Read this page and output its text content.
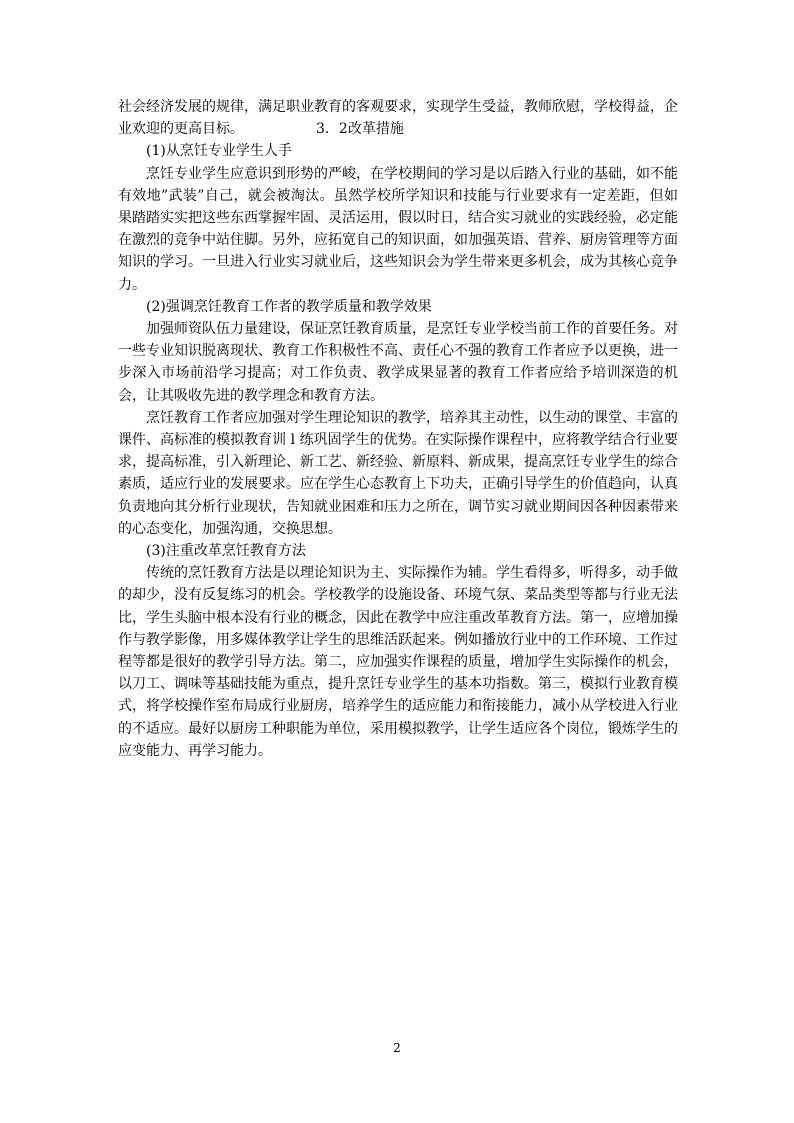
社会经济发展的规律，满足职业教育的客观要求，实现学生受益，教师欣慰，学校得益，企业欢迎的更高目标。	3．2改革措施

(1)从烹饪专业学生人手

烹饪专业学生应意识到形势的严峻，在学校期间的学习是以后踏入行业的基础，如不能有效地”武装”自己，就会被淘汰。虽然学校所学知识和技能与行业要求有一定差距，但如果踏踏实实把这些东西掌握牢固、灵活运用，假以时日，结合实习就业的实践经验，必定能在激烈的竞争中站住脚。另外，应拓宽自己的知识面，如加强英语、营养、厨房管理等方面知识的学习。一旦进入行业实习就业后，这些知识会为学生带来更多机会，成为其核心竞争力。

(2)强调烹饪教育工作者的教学质量和教学效果

加强师资队伍力量建设，保证烹饪教育质量，是烹饪专业学校当前工作的首要任务。对一些专业知识脱离现状、教育工作积极性不高、责任心不强的教育工作者应予以更换，进一步深入市场前沿学习提高；对工作负责、教学成果显著的教育工作者应给予培训深造的机会，让其吸收先进的教学理念和教育方法。

烹饪教育工作者应加强对学生理论知识的教学，培养其主动性，以生动的课堂、丰富的课件、高标准的模拟教育训 l 练巩固学生的优势。在实际操作课程中，应将教学结合行业要求，提高标准，引入新理论、新工艺、新经验、新原料、新成果，提高烹饪专业学生的综合素质，适应行业的发展要求。应在学生心态教育上下功夫，正确引导学生的价值趋向，认真负责地向其分析行业现状，告知就业困难和压力之所在，调节实习就业期间因各种因素带来的心态变化，加强沟通，交换思想。

(3)注重改革烹饪教育方法

传统的烹饪教育方法是以理论知识为主、实际操作为辅。学生看得多，听得多，动手做的却少，没有反复练习的机会。学校教学的设施设备、环境气氛、菜品类型等都与行业无法比，学生头脑中根本没有行业的概念，因此在教学中应注重改革教育方法。第一，应增加操作与教学影像，用多媒体教学让学生的思维活跃起来。例如播放行业中的工作环境、工作过程等都是很好的教学引导方法。第二，应加强实作课程的质量，增加学生实际操作的机会，以刀工、调味等基础技能为重点，提升烹饪专业学生的基本功指数。第三，模拟行业教育模式，将学校操作室布局成行业厨房，培养学生的适应能力和衔接能力，减小从学校进入行业的不适应。最好以厨房工种职能为单位，采用模拟教学，让学生适应各个岗位，锻炼学生的应变能力、再学习能力。

2
